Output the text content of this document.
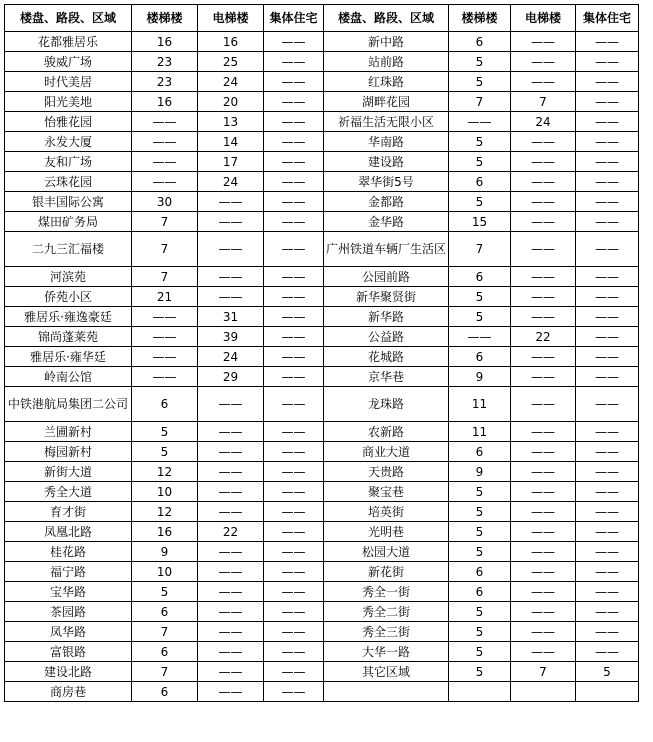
楼盘、路段、区域	楼梯楼	电梯楼	集体住宅	楼盘、路段、区域	楼梯楼	电梯楼	集体住宅
花都雅居乐	16	16	——	新中路	6	——	——
骏威广场	23	25	——	站前路	5	——	——
时代美居	23	24	——	红珠路	5	——	——
阳光美地	16	20	——	湖畔花园	7	7	——
怡雅花园	——	13	——	祈福生活无限小区	——	24	——
永发大厦	——	14	——	华南路	5	——	——
友和广场	——	17	——	建设路	5	——	——
云珠花园	——	24	——	翠华街5号	6	——	——
银丰国际公寓	30	——	——	金都路	5	——	——
煤田矿务局	7	——	——	金华路	15	——	——
二九三汇福楼	7	——	——	广州铁道车辆厂生活区	7	——	——
河滨苑	7	——	——	公园前路	6	——	——
侨苑小区	21	——	——	新华聚贤街	5	——	——
雅居乐·雍逸豪廷	——	31	——	新华路	5	——	——
锦尚蓬莱苑	——	39	——	公益路	——	22	——
雅居乐·雍华廷	——	24	——	花城路	6	——	——
岭南公馆	——	29	——	京华巷	9	——	——
中铁港航局集团二公司	6	——	——	龙珠路	11	——	——
兰圃新村	5	——	——	农新路	11	——	——
梅园新村	5	——	——	商业大道	6	——	——
新街大道	12	——	——	天贵路	9	——	——
秀全大道	10	——	——	聚宝巷	5	——	——
育才街	12	——	——	培英街	5	——	——
凤凰北路	16	22	——	光明巷	5	——	——
桂花路	9	——	——	松园大道	5	——	——
福宁路	10	——	——	新花街	6	——	——
宝华路	5	——	——	秀全一街	6	——	——
茶园路	6	——	——	秀全二街	5	——	——
凤华路	7	——	——	秀全三街	5	——	——
富银路	6	——	——	大华一路	5	——	——
建设北路	7	——	——	其它区域	5	7	5
商房巷	6	——	——				
